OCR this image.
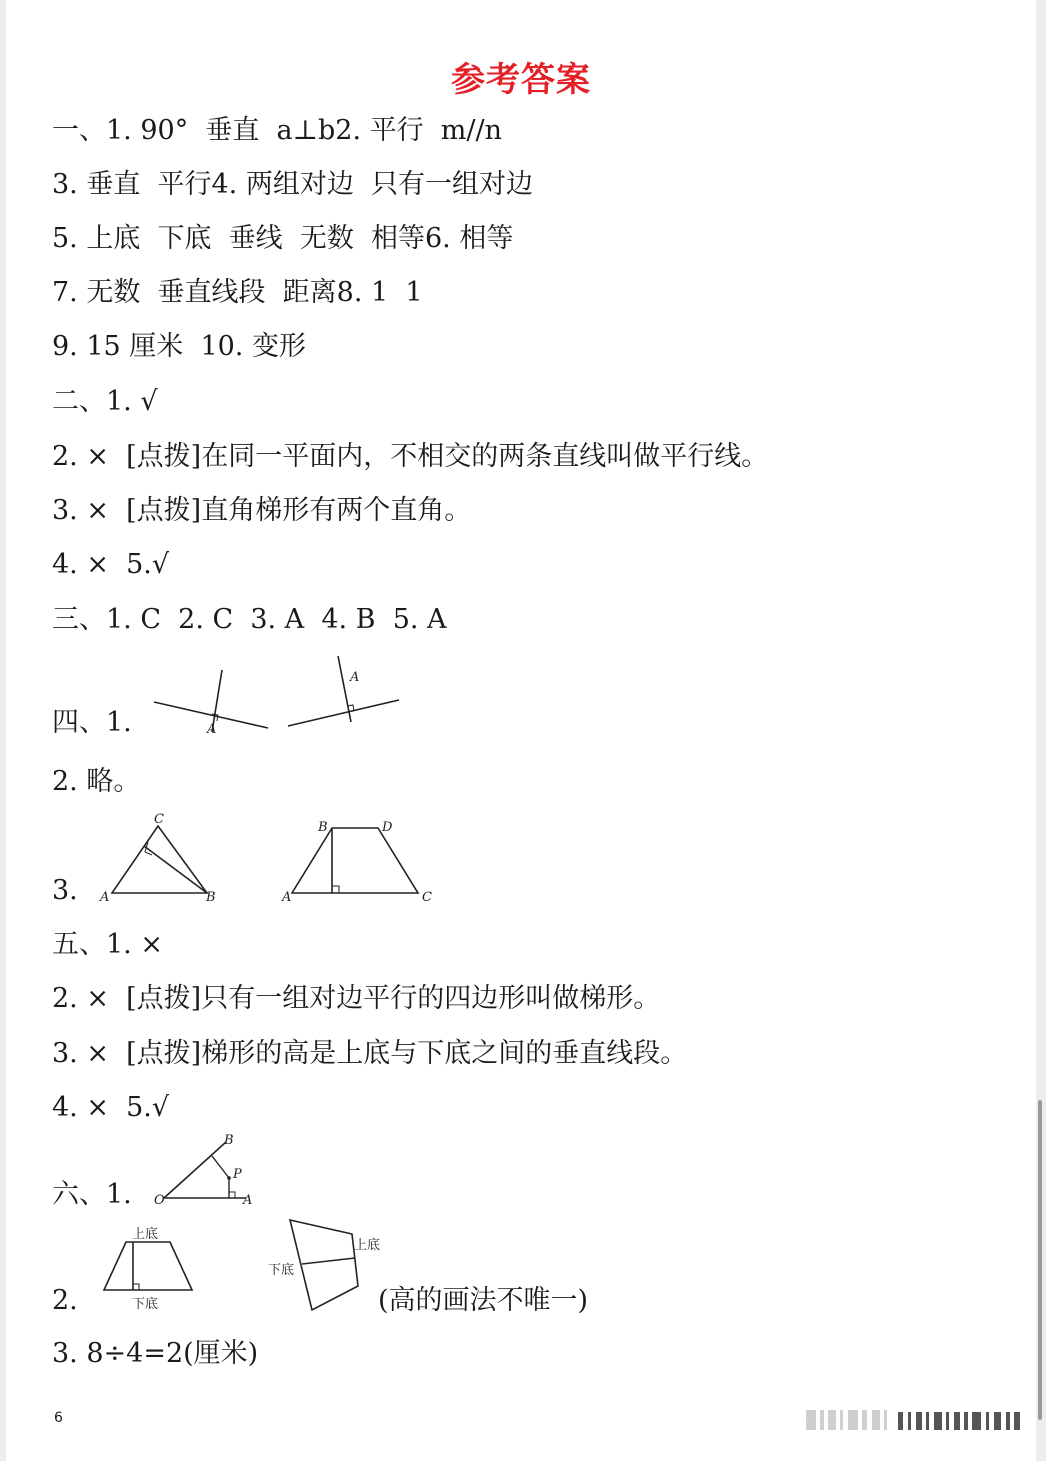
参考答案
一、1. 90°  垂直  a⊥b2. 平行  m//n
3. 垂直  平行4. 两组对边  只有一组对边
5. 上底  下底  垂线  无数  相等6. 相等
7. 无数  垂直线段  距离8. 1  1
9. 15 厘米  10. 变形
二、1. √
2. ×  [点拨]在同一平面内，不相交的两条直线叫做平行线。
3. ×  [点拨]直角梯形有两个直角。
4. ×  5.√
三、1. C  2. C  3. A  4. B  5. A
四、1.
2. 略。
3.
五、1. ×
2. ×  [点拨]只有一组对边平行的四边形叫做梯形。
3. ×  [点拨]梯形的高是上底与下底之间的垂直线段。
4. ×  5.√
六、1.
2.	(高的画法不唯一)
3. 8÷4=2(厘米)
A
A
A
C
B	A
B	D
C
O
B
P
A
上底
下底
上底
下底
6
